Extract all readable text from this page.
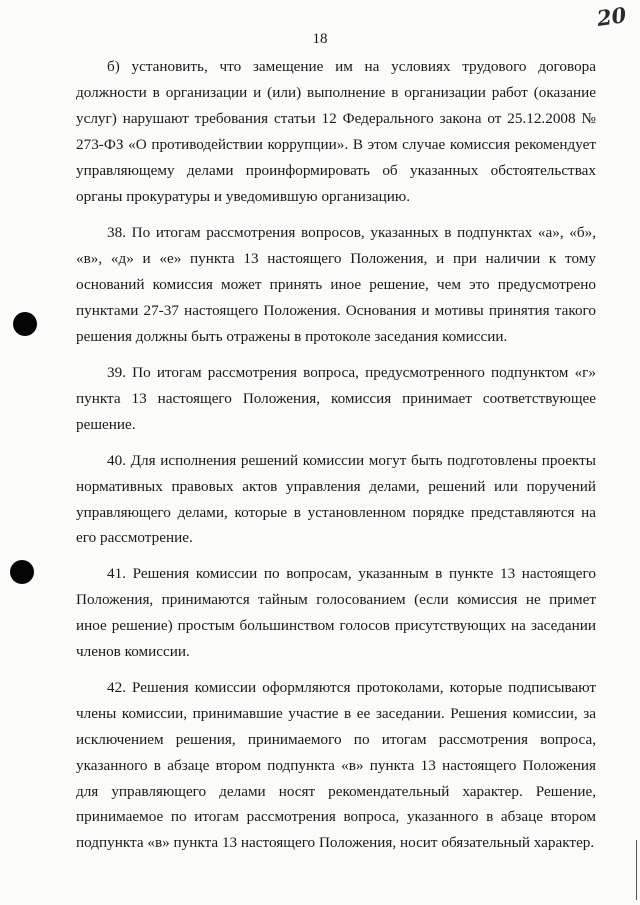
18
20

б) установить, что замещение им на условиях трудового договора должности в организации и (или) выполнение в организации работ (оказание услуг) нарушают требования статьи 12 Федерального закона от 25.12.2008 № 273-ФЗ «О противодействии коррупции». В этом случае комиссия рекомендует управляющему делами проинформировать об указанных обстоятельствах органы прокуратуры и уведомившую организацию.

38. По итогам рассмотрения вопросов, указанных в подпунктах «а», «б», «в», «д» и «е» пункта 13 настоящего Положения, и при наличии к тому оснований комиссия может принять иное решение, чем это предусмотрено пунктами 27-37 настоящего Положения. Основания и мотивы принятия такого решения должны быть отражены в протоколе заседания комиссии.

39. По итогам рассмотрения вопроса, предусмотренного подпунктом «г» пункта 13 настоящего Положения, комиссия принимает соответствующее решение.

40. Для исполнения решений комиссии могут быть подготовлены проекты нормативных правовых актов управления делами, решений или поручений управляющего делами, которые в установленном порядке представляются на его рассмотрение.

41. Решения комиссии по вопросам, указанным в пункте 13 настоящего Положения, принимаются тайным голосованием (если комиссия не примет иное решение) простым большинством голосов присутствующих на заседании членов комиссии.

42. Решения комиссии оформляются протоколами, которые подписывают члены комиссии, принимавшие участие в ее заседании. Решения комиссии, за исключением решения, принимаемого по итогам рассмотрения вопроса, указанного в абзаце втором подпункта «в» пункта 13 настоящего Положения для управляющего делами носят рекомендательный характер. Решение, принимаемое по итогам рассмотрения вопроса, указанного в абзаце втором подпункта «в» пункта 13 настоящего Положения, носит обязательный характер.
